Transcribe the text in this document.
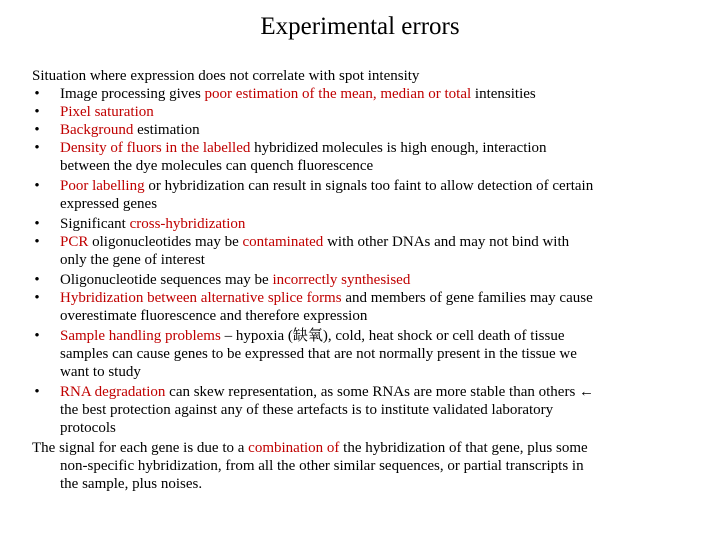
Experimental errors
Situation where expression does not correlate with spot intensity
• Image processing gives poor estimation of the mean, median or total intensities
• Pixel saturation
• Background estimation
• Density of fluors in the labelled hybridized molecules is high enough, interaction
between the dye molecules can quench fluorescence
• Poor labelling or hybridization can result in signals too faint to allow detection of certain
expressed genes
• Significant cross-hybridization
• PCR oligonucleotides may be contaminated with other DNAs and may not bind with
only the gene of interest
• Oligonucleotide sequences may be incorrectly synthesised
• Hybridization between alternative splice forms and members of gene families may cause
overestimate fluorescence and therefore expression
• Sample handling problems – hypoxia (缺氧), cold, heat shock or cell death of tissue
samples can cause genes to be expressed that are not normally present in the tissue we
want to study
• RNA degradation can skew representation, as some RNAs are more stable than others ←
the best protection against any of these artefacts is to institute validated laboratory
protocols
The signal for each gene is due to a combination of the hybridization of that gene, plus some
non-specific hybridization, from all the other similar sequences, or partial transcripts in
the sample, plus noises.
